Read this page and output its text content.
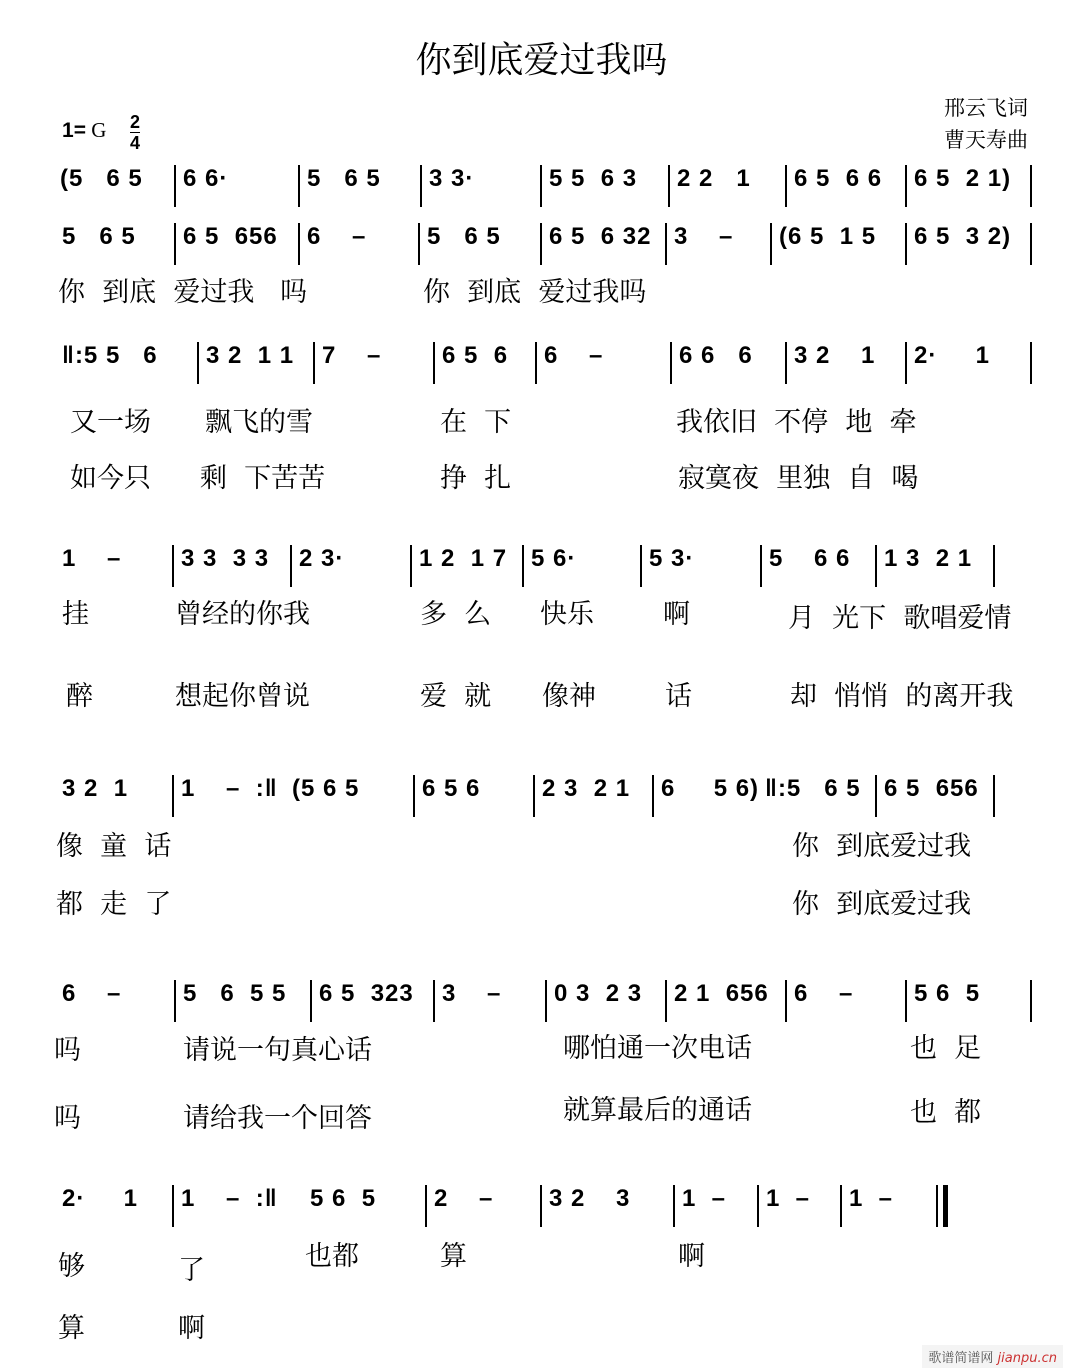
你到底爱过我吗
邢云飞词
曹天寿曲
1= G 2
4
(5   6 5	6 6·	5   6 5	3 3·	5 5  6 3	2 2   1	6 5  6 6	6 5  2 1)
5   6 5	6 5  656	6    –	5   6 5	6 5  6 32 3    –	(6 5  1 5	6 5  3 2)
你  到底  爱过我   吗	你  到底  爱过我吗
‖:5 5   6	3 2  1 1	7    –	6 5  6	6    –	6 6   6	3 2    1	2·     1
又一场 飘飞的雪	在  下	我依旧  不停  地  牵
如今只 剩  下苦苦	挣  扎	寂寞夜  里独  自  喝
1    –	3 3  3 3	2 3·	1 2  1 7 5 6·	5 3·	5    6 6	1 3  2 1
挂	曾经的你我	多  么 快乐	啊	月  光下  歌唱爱情
醉	想起你曾说	爱  就 像神	话	却  悄悄  的离开我
3 2  1	1    –  :‖ (5 6 5	6 5 6	2 3  2 1	6     5 6) ‖:5   6 5 6 5  656
像  童  话	你  到底爱过我
都  走  了	你  到底爱过我
6    –	5   6  5 5	6 5  323	3    –	0 3  2 3	2 1  656	6    –	5 6  5
吗	请说一句真心话	哪怕通一次电话	也  足
吗	请给我一个回答	就算最后的通话	也  都
2·     1	1    –  :‖ 5 6  5	2    –	3 2    3	1  –	1  –	1  –
够	了	也都	算	啊
算	啊
歌谱简谱网 jianpu.cn
